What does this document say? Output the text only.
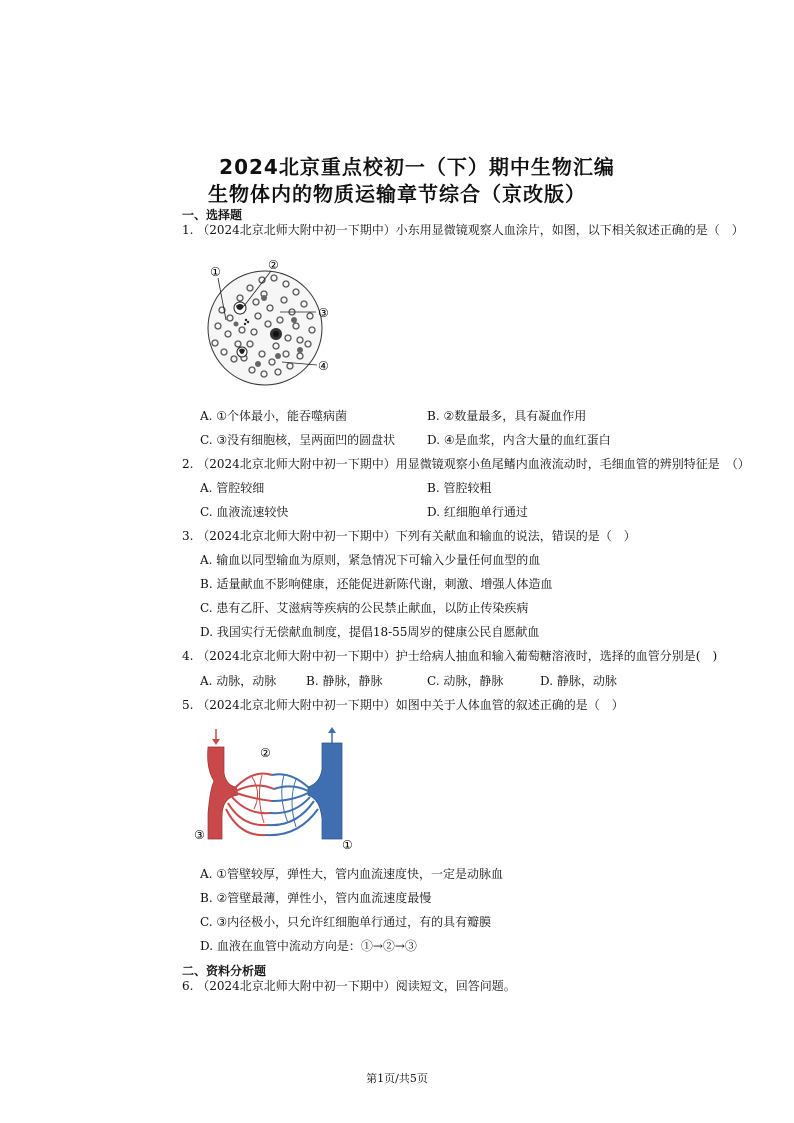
2024北京重点校初一（下）期中生物汇编
生物体内的物质运输章节综合（京改版）
一、选择题
1. （2024北京北师大附中初一下期中）小东用显微镜观察人血涂片，如图，以下相关叙述正确的是（　）
①	②
③
④
A. ①个体最小，能吞噬病菌	B. ②数量最多，具有凝血作用
C. ③没有细胞核，呈两面凹的圆盘状	D. ④是血浆，内含大量的血红蛋白
2. （2024北京北师大附中初一下期中）用显微镜观察小鱼尾鳍内血液流动时，毛细血管的辨别特征是　（）
A. 管腔较细	B. 管腔较粗
C. 血液流速较快	D. 红细胞单行通过
3. （2024北京北师大附中初一下期中）下列有关献血和输血的说法，错误的是（　）
A. 输血以同型输血为原则，紧急情况下可输入少量任何血型的血
B. 适量献血不影响健康，还能促进新陈代谢，刺激、增强人体造血
C. 患有乙肝、艾滋病等疾病的公民禁止献血，以防止传染疾病
D. 我国实行无偿献血制度，提倡18-55周岁的健康公民自愿献血
4. （2024北京北师大附中初一下期中）护士给病人抽血和输入葡萄糖溶液时，选择的血管分别是(　)
A. 动脉，动脉 B. 静脉，静脉	C. 动脉，静脉	D. 静脉，动脉
5. （2024北京北师大附中初一下期中）如图中关于人体血管的叙述正确的是（　）
②
③
①
A. ①管壁较厚，弹性大，管内血流速度快，一定是动脉血
B. ②管壁最薄，弹性小，管内血流速度最慢
C. ③内径极小，只允许红细胞单行通过，有的具有瓣膜
D. 血液在血管中流动方向是：①→②→③
二、资料分析题
6. （2024北京北师大附中初一下期中）阅读短文，回答问题。
第1页/共5页
